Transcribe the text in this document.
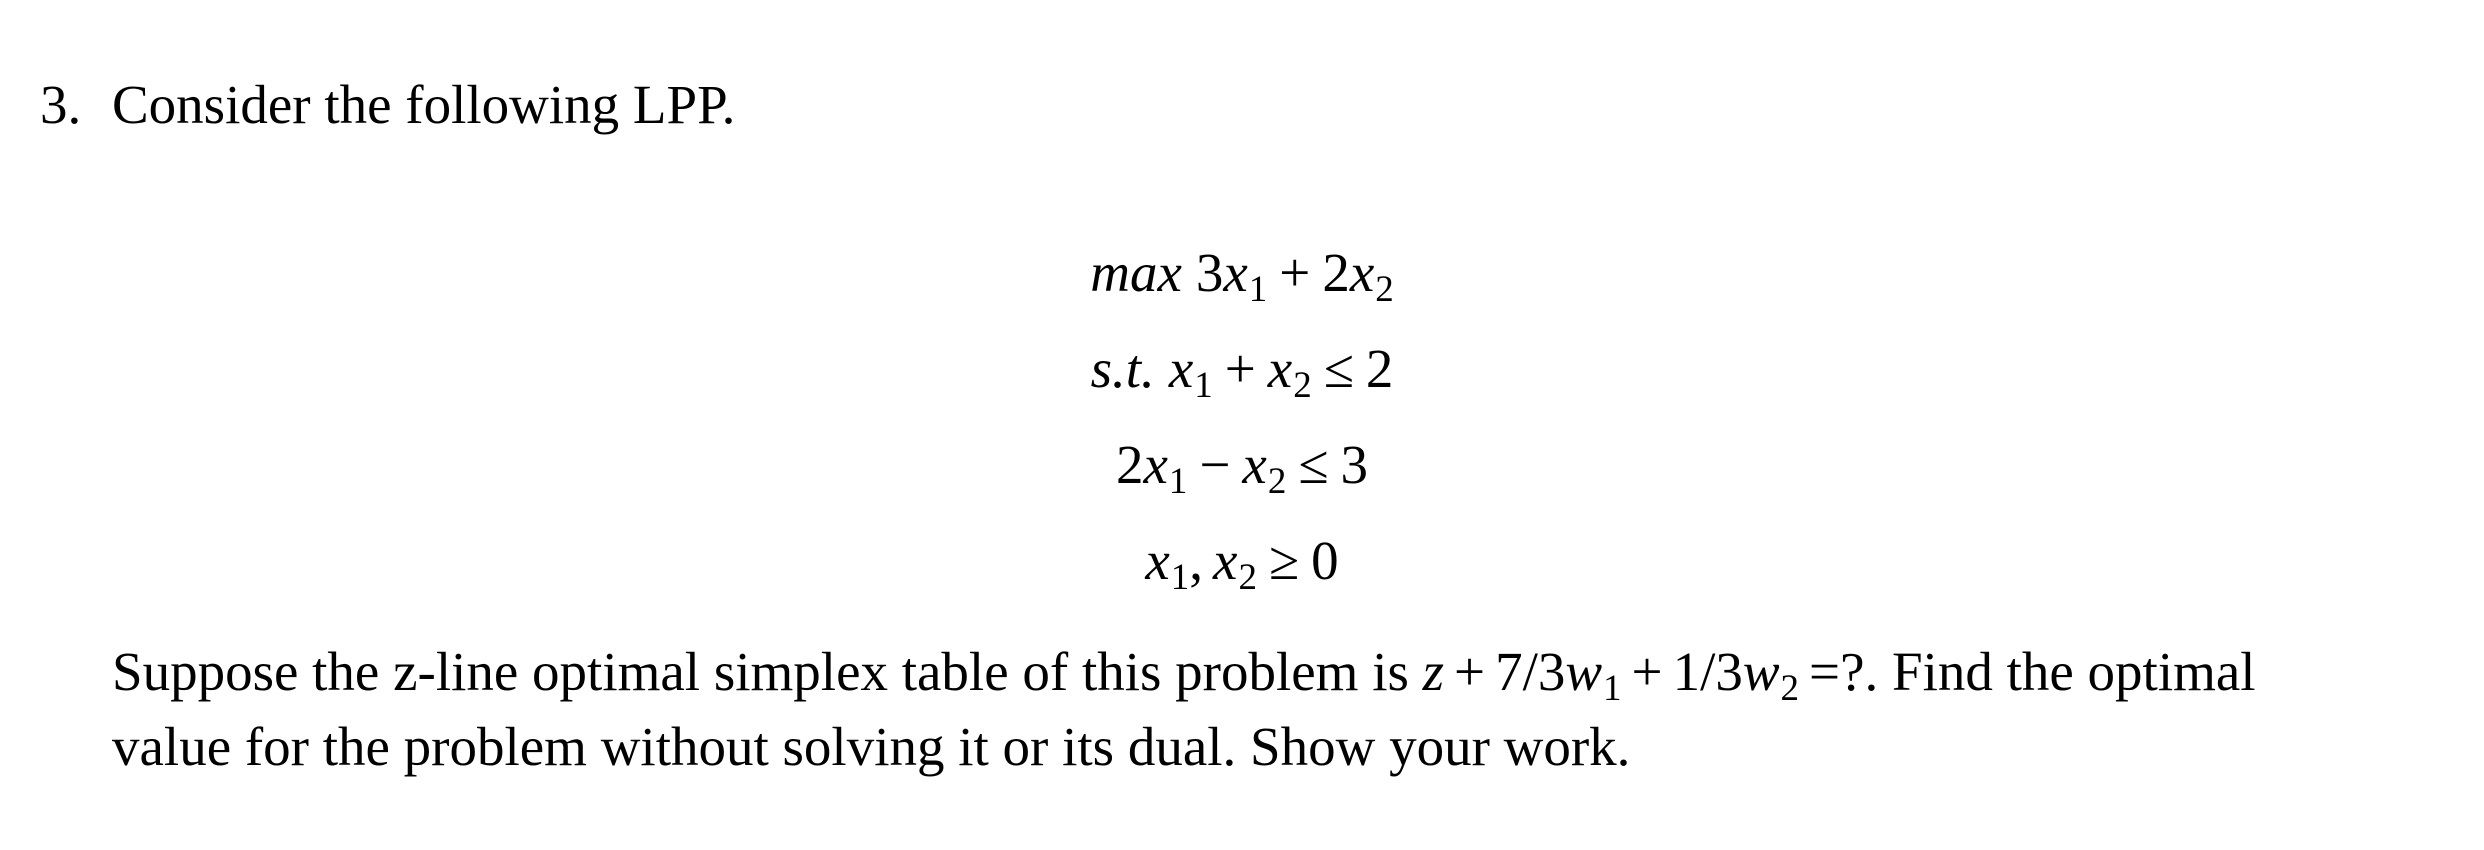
3. Consider the following LPP.
max 3x1 + 2x2
s.t. x1 + x2 ≤ 2
2x1 − x2 ≤ 3
x1, x2 ≥ 0
Suppose the z-line optimal simplex table of this problem is z + 7/3w1 + 1/3w2 =?. Find the optimal
value for the problem without solving it or its dual. Show your work.
